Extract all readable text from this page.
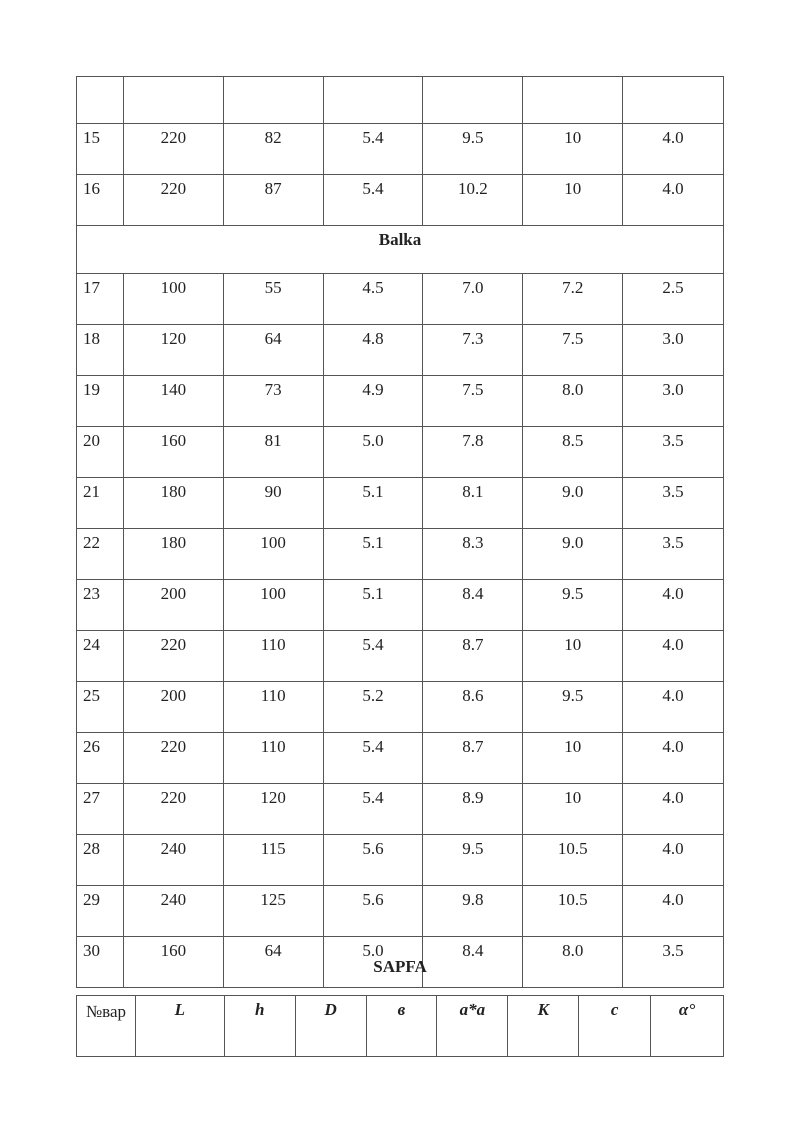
15	220	82	5.4	9.5	10	4.0
16	220	87	5.4	10.2	10	4.0
Balka						
17	100	55	4.5	7.0	7.2	2.5
18	120	64	4.8	7.3	7.5	3.0
19	140	73	4.9	7.5	8.0	3.0
20	160	81	5.0	7.8	8.5	3.5
21	180	90	5.1	8.1	9.0	3.5
22	180	100	5.1	8.3	9.0	3.5
23	200	100	5.1	8.4	9.5	4.0
24	220	110	5.4	8.7	10	4.0
25	200	110	5.2	8.6	9.5	4.0
26	220	110	5.4	8.7	10	4.0
27	220	120	5.4	8.9	10	4.0
28	240	115	5.6	9.5	10.5	4.0
29	240	125	5.6	9.8	10.5	4.0
30	160	64	5.0	8.4	8.0	3.5
SAPFA
№вар	L	h	D	в	a*a	K	c	α°
